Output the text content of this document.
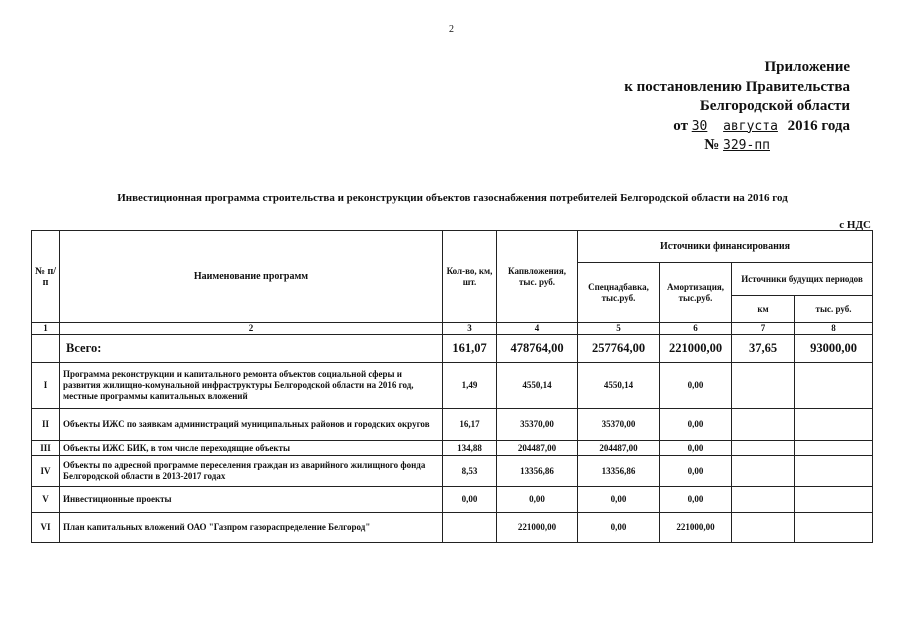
2
Приложение
к постановлению Правительства
Белгородской области
от 30 августа 2016 года
№ 329-пп
Инвестиционная программа строительства и реконструкции объектов газоснабжения потребителей Белгородской области на 2016 год
с НДС
№ п/п	Наименование программ	Кол-во, км, шт.	Капвложения, тыс. руб.	Источники финансирования			
				Спецнадбавка, тыс.руб.	Амортизация, тыс.руб.	Источники будущих периодов	
						км	тыс. руб.
1	2	3	4	5	6	7	8
	Всего:	161,07	478764,00	257764,00	221000,00	37,65	93000,00
I	Программа реконструкции и капитального ремонта объектов социальной сферы и развития жилищно-комунальной инфраструктуры Белгородской области на 2016 год, местные программы капитальных вложений	1,49	4550,14	4550,14	0,00		
II	Объекты ИЖС по заявкам администраций муниципальных районов и городских округов	16,17	35370,00	35370,00	0,00		
III	Объекты ИЖС БИК, в том числе переходящие объекты	134,88	204487,00	204487,00	0,00		
IV	Объекты по адресной программе переселения граждан из аварийного жилищного фонда Белгородской области в 2013-2017 годах	8,53	13356,86	13356,86	0,00		
V	Инвестиционные проекты	0,00	0,00	0,00	0,00		
VI	План капитальных вложений ОАО "Газпром газораспределение Белгород"		221000,00	0,00	221000,00		
